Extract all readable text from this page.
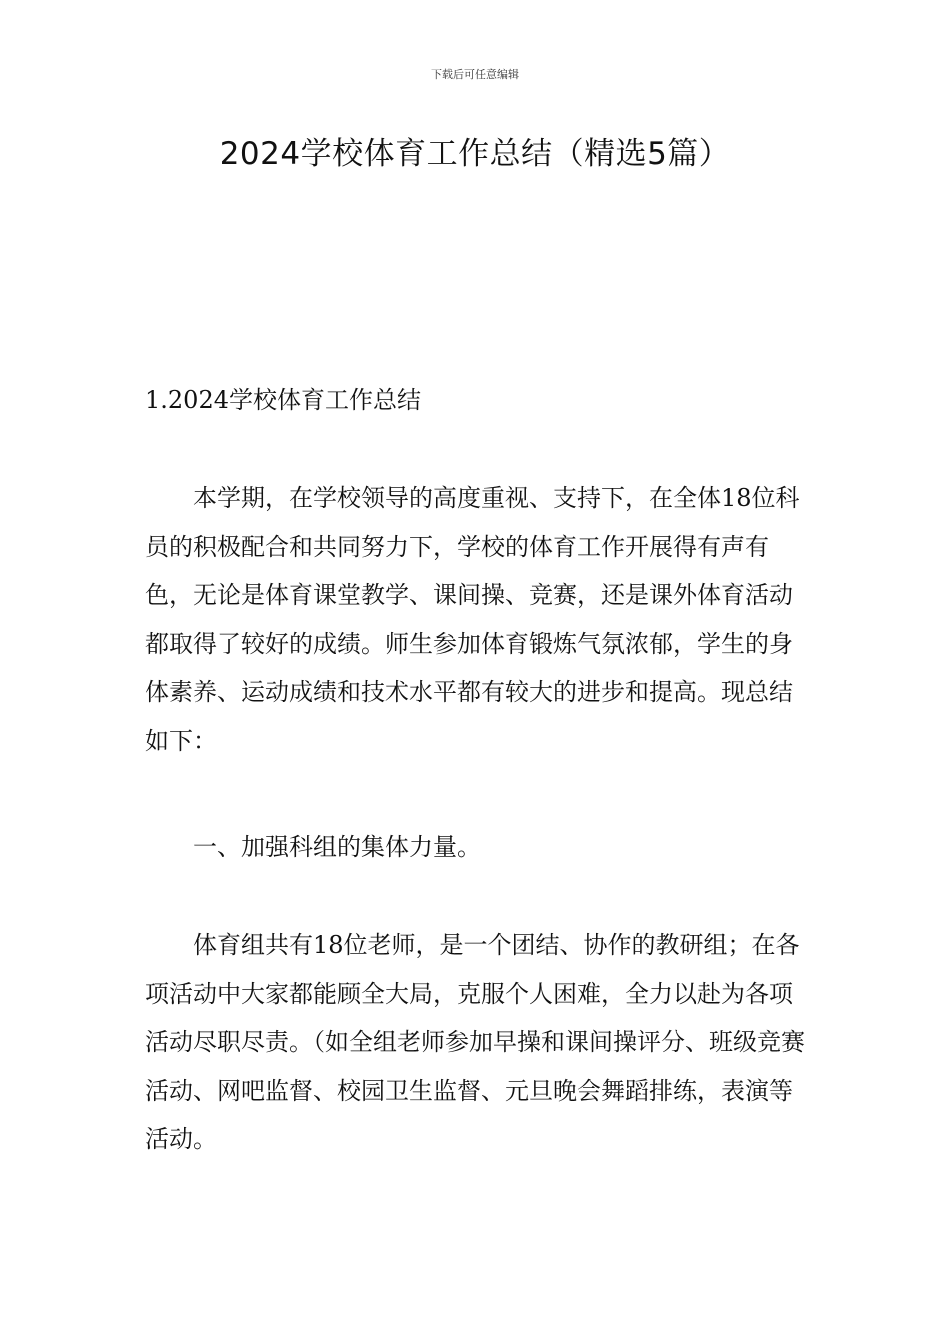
下载后可任意编辑
2024学校体育工作总结（精选5篇）

1.2024学校体育工作总结

本学期，在学校领导的高度重视、支持下，在全体18位科员的积极配合和共同努力下，学校的体育工作开展得有声有色，无论是体育课堂教学、课间操、竞赛，还是课外体育活动都取得了较好的成绩。师生参加体育锻炼气氛浓郁，学生的身体素养、运动成绩和技术水平都有较大的进步和提高。现总结如下：

一、加强科组的集体力量。

体育组共有18位老师，是一个团结、协作的教研组；在各项活动中大家都能顾全大局，克服个人困难，全力以赴为各项活动尽职尽责。（如全组老师参加早操和课间操评分、班级竞赛活动、网吧监督、校园卫生监督、元旦晚会舞蹈排练，表演等活动。
